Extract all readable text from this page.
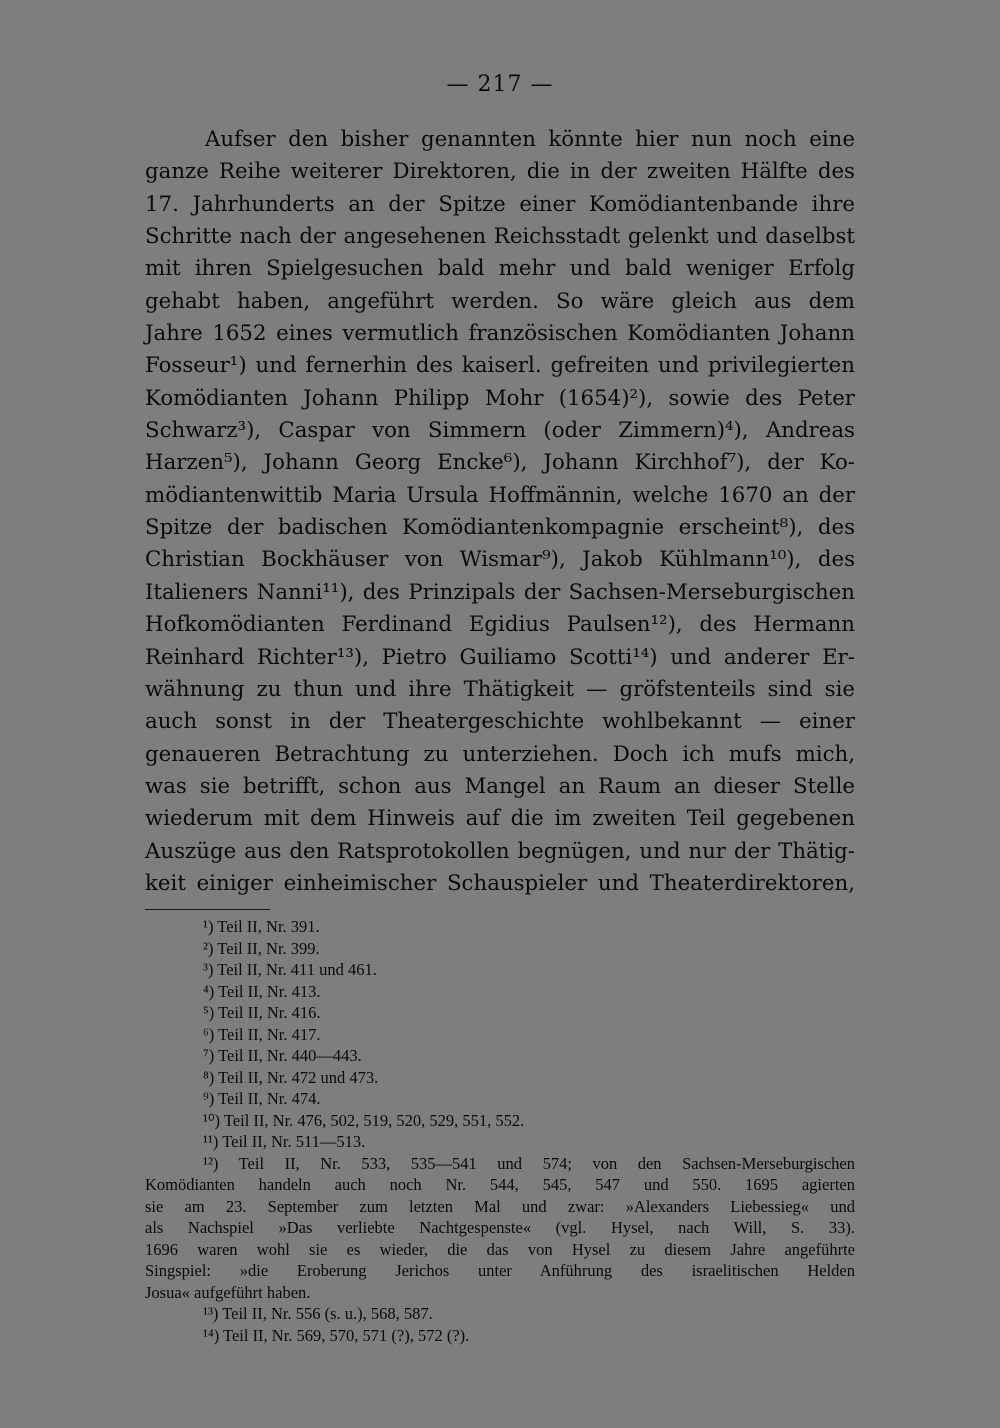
— 217 —
Aufser den bisher genannten könnte hier nun noch eine
ganze Reihe weiterer Direktoren, die in der zweiten Hälfte des
17. Jahrhunderts an der Spitze einer Komödiantenbande ihre
Schritte nach der angesehenen Reichsstadt gelenkt und daselbst
mit ihren Spielgesuchen bald mehr und bald weniger Erfolg
gehabt haben, angeführt werden. So wäre gleich aus dem
Jahre 1652 eines vermutlich französischen Komödianten Johann
Fosseur¹) und fernerhin des kaiserl. gefreiten und privilegierten
Komödianten Johann Philipp Mohr (1654)²), sowie des Peter
Schwarz³), Caspar von Simmern (oder Zimmern)⁴), Andreas
Harzen⁵), Johann Georg Encke⁶), Johann Kirchhof⁷), der Ko-
mödiantenwittib Maria Ursula Hoffmännin, welche 1670 an der
Spitze der badischen Komödiantenkompagnie erscheint⁸), des
Christian Bockhäuser von Wismar⁹), Jakob Kühlmann¹⁰), des
Italieners Nanni¹¹), des Prinzipals der Sachsen-Merseburgischen
Hofkomödianten Ferdinand Egidius Paulsen¹²), des Hermann
Reinhard Richter¹³), Pietro Guiliamo Scotti¹⁴) und anderer Er-
wähnung zu thun und ihre Thätigkeit — gröfstenteils sind sie
auch sonst in der Theatergeschichte wohlbekannt — einer
genaueren Betrachtung zu unterziehen. Doch ich mufs mich,
was sie betrifft, schon aus Mangel an Raum an dieser Stelle
wiederum mit dem Hinweis auf die im zweiten Teil gegebenen
Auszüge aus den Ratsprotokollen begnügen, und nur der Thätig-
keit einiger einheimischer Schauspieler und Theaterdirektoren,
¹) Teil II, Nr. 391.
²) Teil II, Nr. 399.
³) Teil II, Nr. 411 und 461.
⁴) Teil II, Nr. 413.
⁵) Teil II, Nr. 416.
⁶) Teil II, Nr. 417.
⁷) Teil II, Nr. 440—443.
⁸) Teil II, Nr. 472 und 473.
⁹) Teil II, Nr. 474.
¹⁰) Teil II, Nr. 476, 502, 519, 520, 529, 551, 552.
¹¹) Teil II, Nr. 511—513.
¹²) Teil II, Nr. 533, 535—541 und 574; von den Sachsen-Merseburgischen
Komödianten handeln auch noch Nr. 544, 545, 547 und 550. 1695 agierten
sie am 23. September zum letzten Mal und zwar: »Alexanders Liebessieg« und
als Nachspiel »Das verliebte Nachtgespenste« (vgl. Hysel, nach Will, S. 33).
1696 waren wohl sie es wieder, die das von Hysel zu diesem Jahre angeführte
Singspiel: »die Eroberung Jerichos unter Anführung des israelitischen Helden
Josua« aufgeführt haben.
¹³) Teil II, Nr. 556 (s. u.), 568, 587.
¹⁴) Teil II, Nr. 569, 570, 571 (?), 572 (?).
